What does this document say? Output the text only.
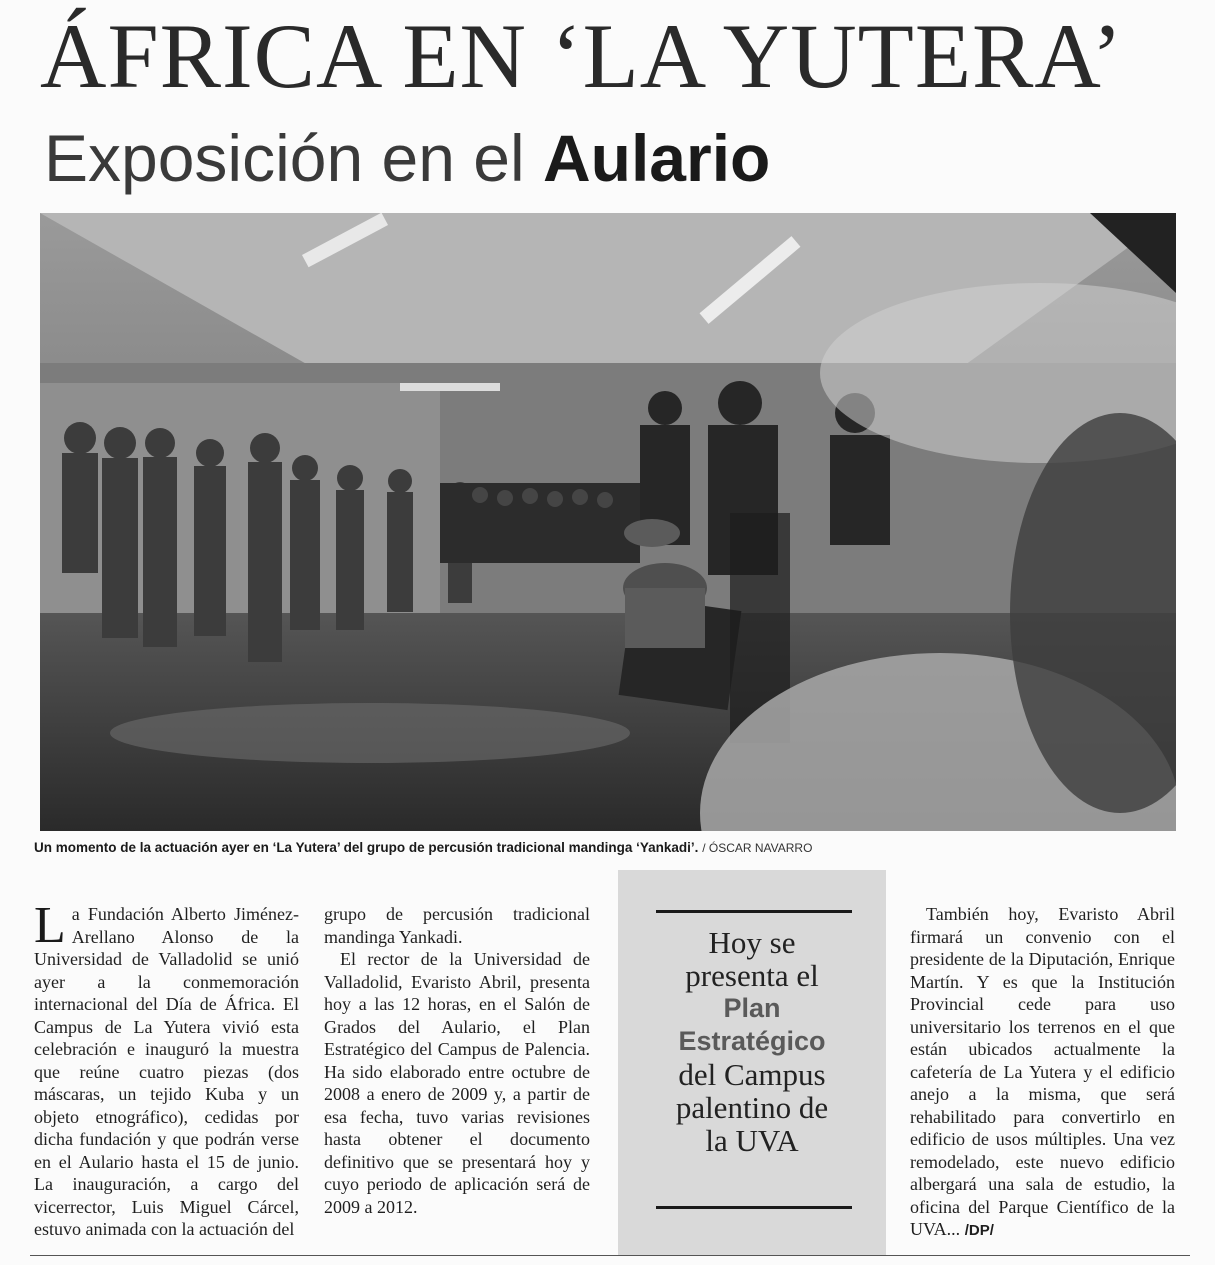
ÁFRICA EN ‘LA YUTERA’
Exposición en el Aulario
Un momento de la actuación ayer en ‘La Yutera’ del grupo de percusión tradicional mandinga ‘Yankadi’. / ÓSCAR NAVARRO

L a Fundación Alberto Jiménez-Arellano Alonso de la Universidad de Valladolid se unió ayer a la conmemoración internacional del Día de África. El Campus de La Yutera vivió esta celebración e inauguró la muestra que reúne cuatro piezas (dos máscaras, un tejido Kuba y un objeto etnográfico), cedidas por dicha fundación y que podrán verse en el Aulario hasta el 15 de junio. La inauguración, a cargo del vicerrector, Luis Miguel Cárcel, estuvo animada con la actuación del

grupo de percusión tradicional mandinga Yankadi.

El rector de la Universidad de Valladolid, Evaristo Abril, presenta hoy a las 12 horas, en el Salón de Grados del Aulario, el Plan Estratégico del Campus de Palencia. Ha sido elaborado entre octubre de 2008 a enero de 2009 y, a partir de esa fecha, tuvo varias revisiones hasta obtener el documento definitivo que se presentará hoy y cuyo periodo de aplicación será de 2009 a 2012.

Hoy se
presenta el
Plan
Estratégico
del Campus
palentino de
la UVA

También hoy, Evaristo Abril firmará un convenio con el presidente de la Diputación, Enrique Martín. Y es que la Institución Provincial cede para uso universitario los terrenos en el que están ubicados actualmente la cafetería de La Yutera y el edificio anejo a la misma, que será rehabilitado para convertirlo en edificio de usos múltiples. Una vez remodelado, este nuevo edificio albergará una sala de estudio, la oficina del Parque Científico de la UVA... /DP/
